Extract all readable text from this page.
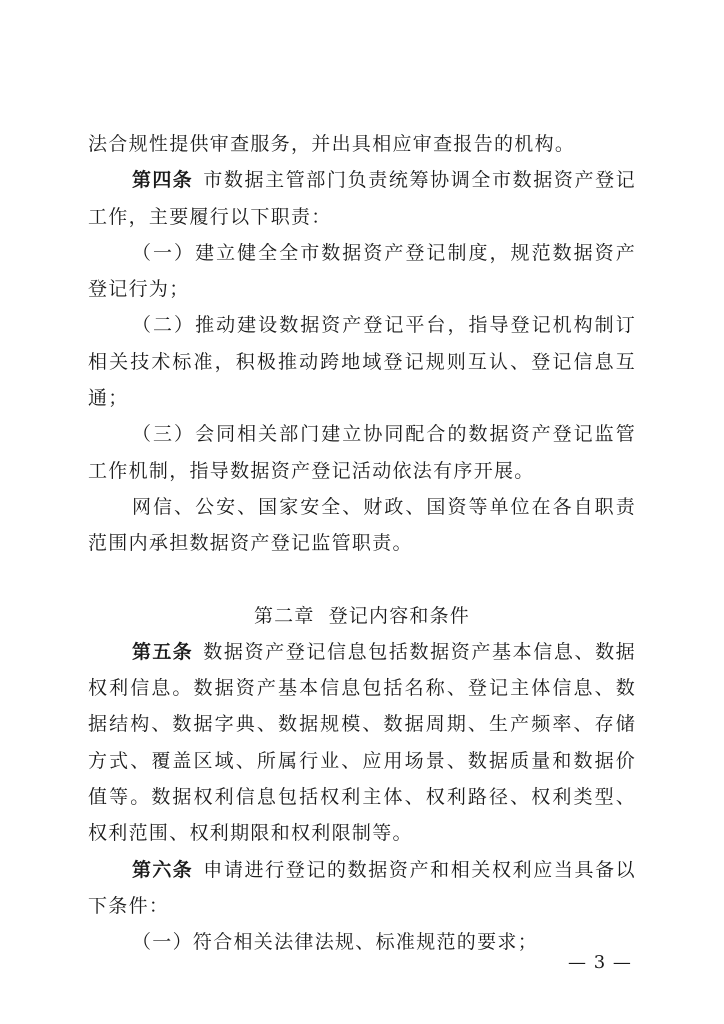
法合规性提供审查服务，并出具相应审查报告的机构。

第四条 市数据主管部门负责统筹协调全市数据资产登记工作，主要履行以下职责：

（一）建立健全全市数据资产登记制度，规范数据资产登记行为；

（二）推动建设数据资产登记平台，指导登记机构制订相关技术标准，积极推动跨地域登记规则互认、登记信息互通；

（三）会同相关部门建立协同配合的数据资产登记监管工作机制，指导数据资产登记活动依法有序开展。

网信、公安、国家安全、财政、国资等单位在各自职责范围内承担数据资产登记监管职责。

第二章 登记内容和条件

第五条 数据资产登记信息包括数据资产基本信息、数据权利信息。数据资产基本信息包括名称、登记主体信息、数据结构、数据字典、数据规模、数据周期、生产频率、存储方式、覆盖区域、所属行业、应用场景、数据质量和数据价值等。数据权利信息包括权利主体、权利路径、权利类型、权利范围、权利期限和权利限制等。

第六条 申请进行登记的数据资产和相关权利应当具备以下条件：

（一）符合相关法律法规、标准规范的要求；

— 3 —
